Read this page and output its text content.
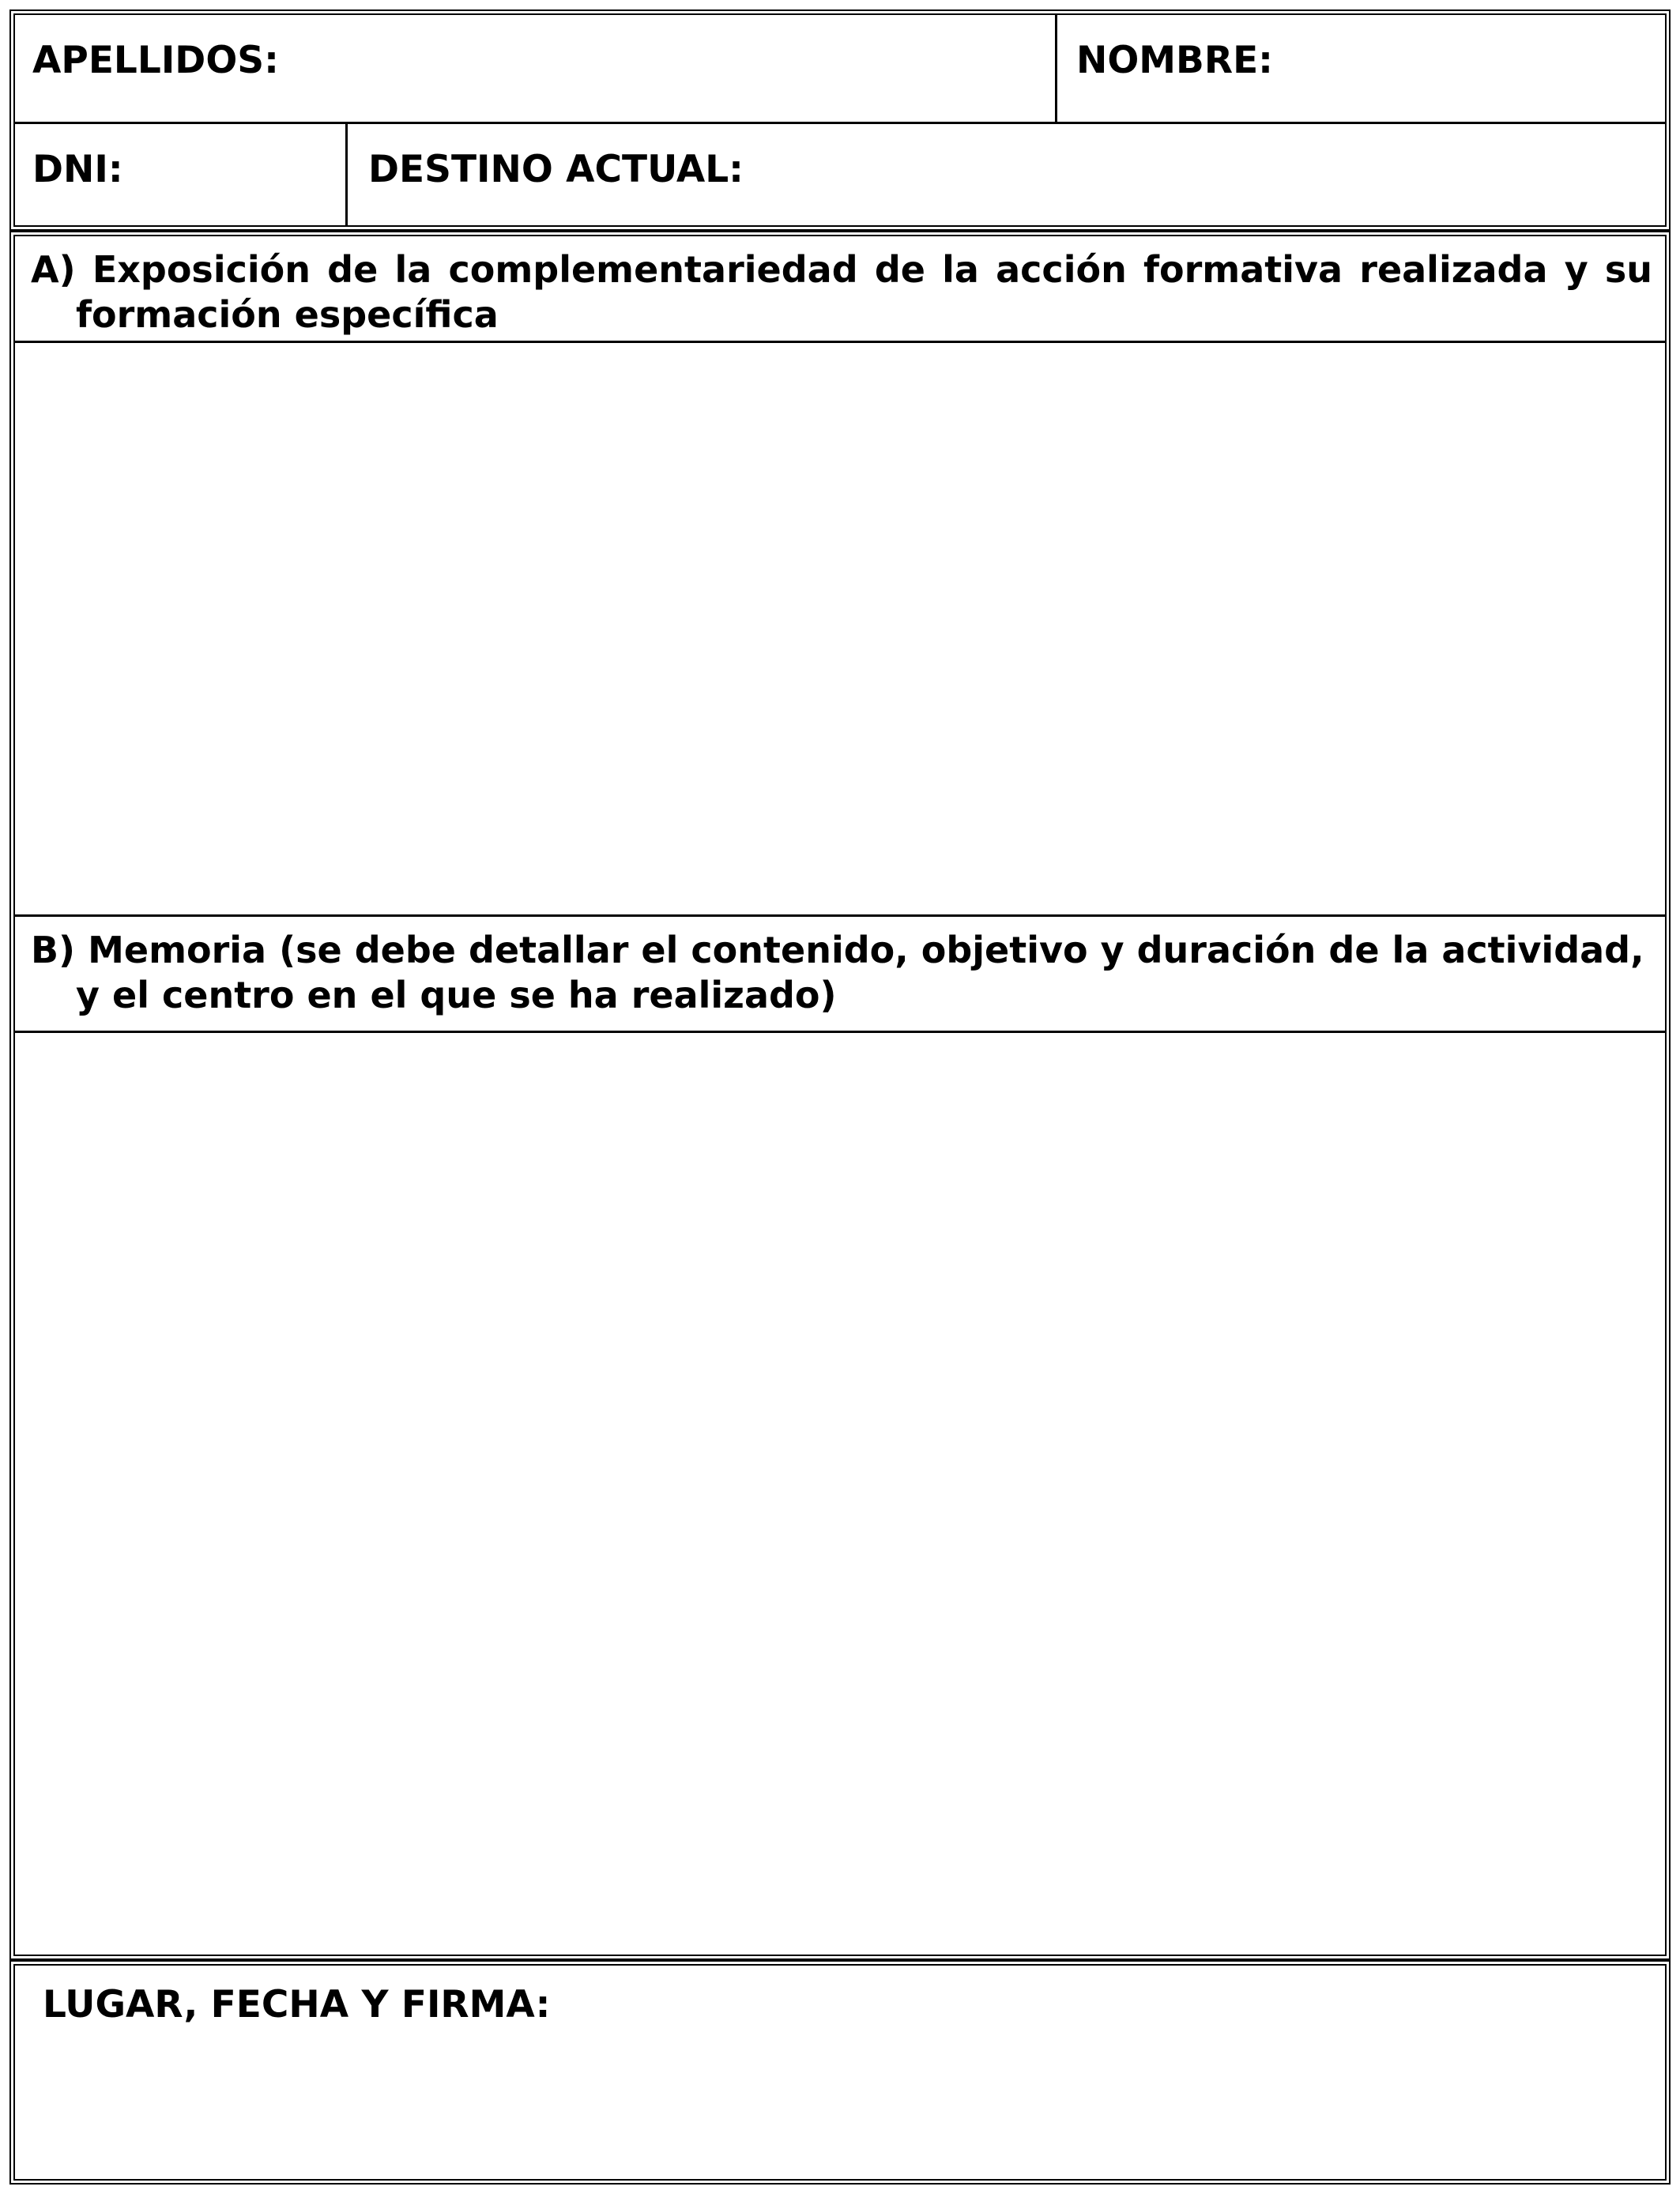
APELLIDOS:	NOMBRE:
DNI:	DESTINO ACTUAL:
A) Exposición de la complementariedad de la acción formativa realizada y su formación específica
B) Memoria (se debe detallar el contenido, objetivo y duración de la actividad, y el centro en el que se ha realizado)
LUGAR, FECHA Y FIRMA:
